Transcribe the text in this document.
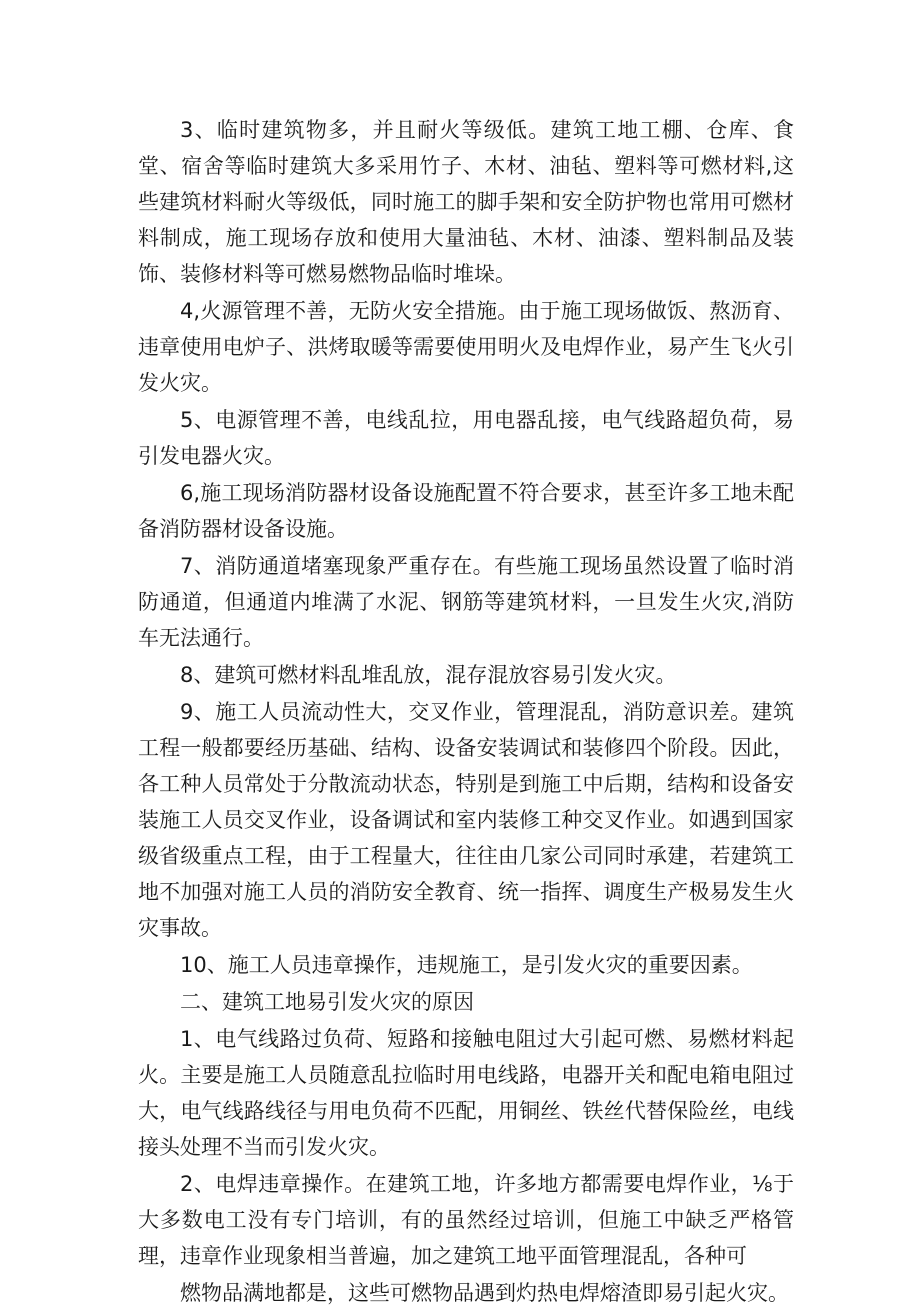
3、临时建筑物多，并且耐火等级低。建筑工地工棚、仓库、食堂、宿舍等临时建筑大多采用竹子、木材、油毡、塑料等可燃材料,这些建筑材料耐火等级低，同时施工的脚手架和安全防护物也常用可燃材料制成，施工现场存放和使用大量油毡、木材、油漆、塑料制品及装饰、装修材料等可燃易燃物品临时堆垛。

4,火源管理不善，无防火安全措施。由于施工现场做饭、熬沥育、违章使用电炉子、洪烤取暖等需要使用明火及电焊作业，易产生飞火引发火灾。

5、电源管理不善，电线乱拉，用电器乱接，电气线路超负荷，易引发电器火灾。

6,施工现场消防器材设备设施配置不符合要求，甚至许多工地未配备消防器材设备设施。

7、消防通道堵塞现象严重存在。有些施工现场虽然设置了临时消防通道，但通道内堆满了水泥、钢筋等建筑材料，一旦发生火灾,消防车无法通行。

8、建筑可燃材料乱堆乱放，混存混放容易引发火灾。

9、施工人员流动性大，交叉作业，管理混乱，消防意识差。建筑工程一般都要经历基础、结构、设备安装调试和装修四个阶段。因此，各工种人员常处于分散流动状态，特别是到施工中后期，结构和设备安装施工人员交叉作业，设备调试和室内装修工种交叉作业。如遇到国家级省级重点工程，由于工程量大，往往由几家公司同时承建，若建筑工地不加强对施工人员的消防安全教育、统一指挥、调度生产极易发生火灾事故。

10、施工人员违章操作，违规施工，是引发火灾的重要因素。

二、建筑工地易引发火灾的原因

1、电气线路过负荷、短路和接触电阻过大引起可燃、易燃材料起火。主要是施工人员随意乱拉临时用电线路，电器开关和配电箱电阻过大，电气线路线径与用电负荷不匹配，用铜丝、铁丝代替保险丝，电线接头处理不当而引发火灾。

2、电焊违章操作。在建筑工地，许多地方都需要电焊作业，⅛于大多数电工没有专门培训，有的虽然经过培训，但施工中缺乏严格管理，违章作业现象相当普遍，加之建筑工地平面管理混乱，各种可

燃物品满地都是，这些可燃物品遇到灼热电焊熔渣即易引起火灾。
